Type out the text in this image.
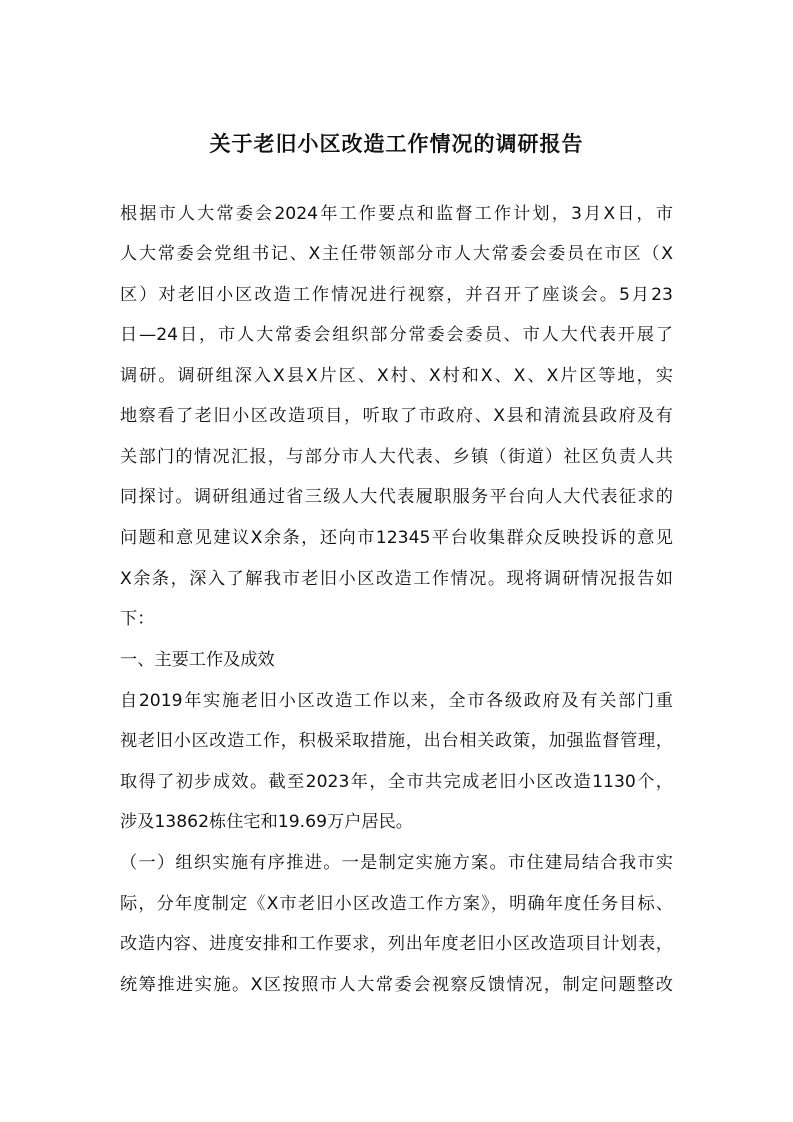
关于老旧小区改造工作情况的调研报告

根据市人大常委会2024年工作要点和监督工作计划，3月X日，市

人大常委会党组书记、X主任带领部分市人大常委会委员在市区（X

区）对老旧小区改造工作情况进行视察，并召开了座谈会。5月23

日—24日，市人大常委会组织部分常委会委员、市人大代表开展了

调研。调研组深入X县X片区、X村、X村和X、X、X片区等地，实

地察看了老旧小区改造项目，听取了市政府、X县和清流县政府及有

关部门的情况汇报，与部分市人大代表、乡镇（街道）社区负责人共

同探讨。调研组通过省三级人大代表履职服务平台向人大代表征求的

问题和意见建议X余条，还向市12345平台收集群众反映投诉的意见

X余条，深入了解我市老旧小区改造工作情况。现将调研情况报告如

下：

一、主要工作及成效

自2019年实施老旧小区改造工作以来，全市各级政府及有关部门重

视老旧小区改造工作，积极采取措施，出台相关政策，加强监督管理，

取得了初步成效。截至2023年，全市共完成老旧小区改造1130个，

涉及13862栋住宅和19.69万户居民。

（一）组织实施有序推进。一是制定实施方案。市住建局结合我市实

际，分年度制定《X市老旧小区改造工作方案》，明确年度任务目标、

改造内容、进度安排和工作要求，列出年度老旧小区改造项目计划表，

统筹推进实施。X区按照市人大常委会视察反馈情况，制定问题整改
